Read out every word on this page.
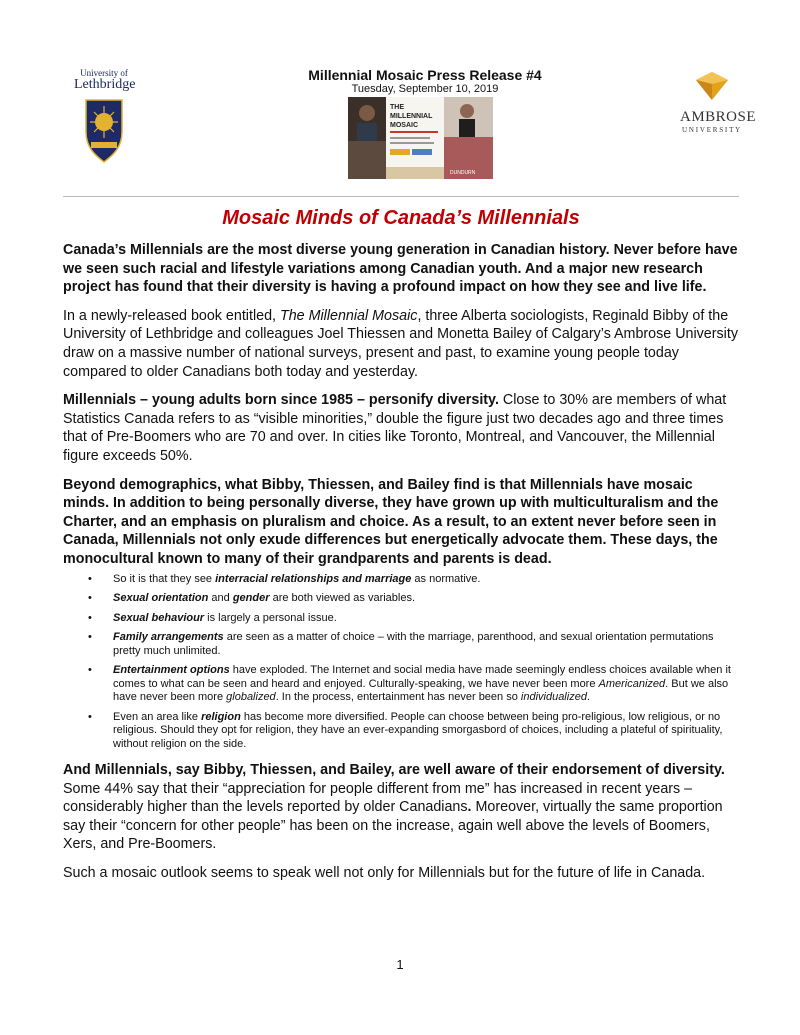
University of
Lethbridge
Millennial Mosaic Press Release #4
Tuesday, September 10, 2019
THE
MILLENNIAL
MOSAIC
DUNDURN
AMBROSE
UNIVERSITY
Mosaic Minds of Canada’s Millennials

Canada’s Millennials are the most diverse young generation in Canadian history. Never before have we seen such racial and lifestyle variations among Canadian youth. And a major new research project has found that their diversity is having a profound impact on how they see and live life.

In a newly-released book entitled, The Millennial Mosaic, three Alberta sociologists, Reginald Bibby of the University of Lethbridge and colleagues Joel Thiessen and Monetta Bailey of Calgary’s Ambrose University draw on a massive number of national surveys, present and past, to examine young people today compared to older Canadians both today and yesterday.

Millennials – young adults born since 1985 – personify diversity. Close to 30% are members of what Statistics Canada refers to as “visible minorities,” double the figure just two decades ago and three times that of Pre-Boomers who are 70 and over. In cities like Toronto, Montreal, and Vancouver, the Millennial figure exceeds 50%.

Beyond demographics, what Bibby, Thiessen, and Bailey find is that Millennials have mosaic minds. In addition to being personally diverse, they have grown up with multiculturalism and the Charter, and an emphasis on pluralism and choice. As a result, to an extent never before seen in Canada, Millennials not only exude differences but energetically advocate them. These days, the monocultural known to many of their grandparents and parents is dead.

• So it is that they see interracial relationships and marriage as normative.
• Sexual orientation and gender are both viewed as variables.
• Sexual behaviour is largely a personal issue.
• Family arrangements are seen as a matter of choice – with the marriage, parenthood, and sexual orientation permutations pretty much unlimited.
• Entertainment options have exploded. The Internet and social media have made seemingly endless choices available when it comes to what can be seen and heard and enjoyed. Culturally-speaking, we have never been more Americanized. But we also have never been more globalized. In the process, entertainment has never been so individualized.
• Even an area like religion has become more diversified. People can choose between being pro-religious, low religious, or no religious. Should they opt for religion, they have an ever-expanding smorgasbord of choices, including a plateful of spirituality, without religion on the side.

And Millennials, say Bibby, Thiessen, and Bailey, are well aware of their endorsement of diversity. Some 44% say that their “appreciation for people different from me” has increased in recent years – considerably higher than the levels reported by older Canadians. Moreover, virtually the same proportion say their “concern for other people” has been on the increase, again well above the levels of Boomers, Xers, and Pre-Boomers.

Such a mosaic outlook seems to speak well not only for Millennials but for the future of life in Canada.

1
